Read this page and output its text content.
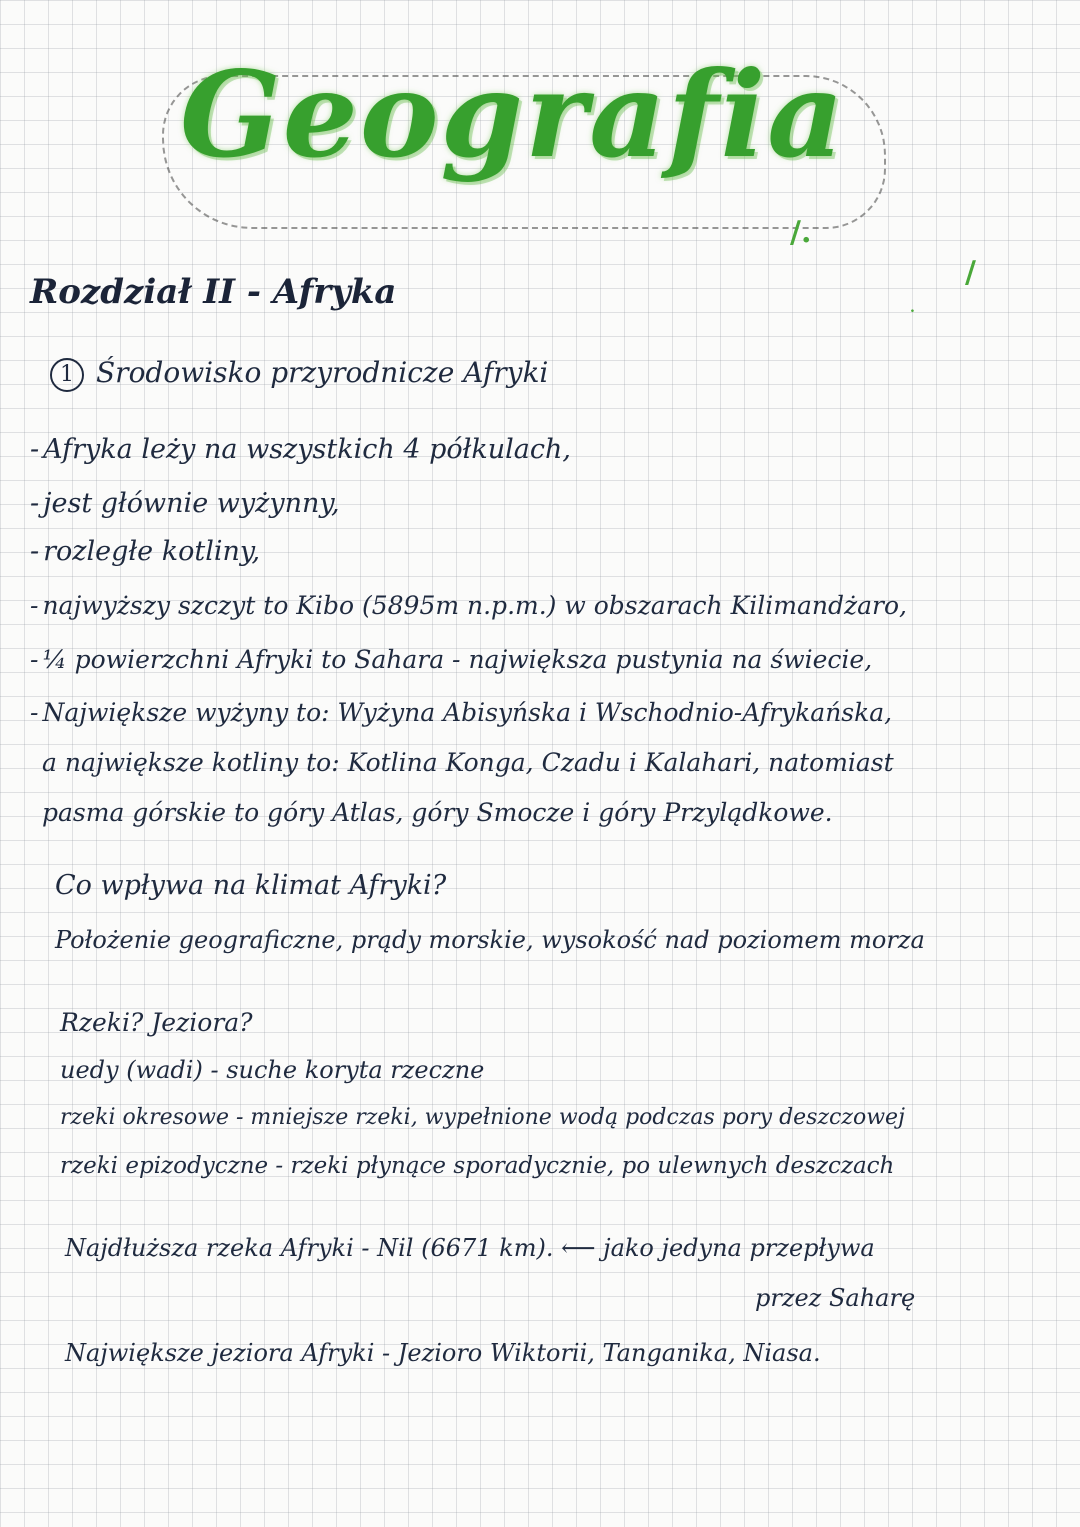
Geografia
/.
/
.
Rozdział II - Afryka
1 Środowisko przyrodnicze Afryki
- Afryka leży na wszystkich 4 półkulach,
- jest głównie wyżynny,
- rozległe kotliny,
- najwyższy szczyt to Kibo (5895m n.p.m.) w obszarach Kilimandżaro,
- ¼ powierzchni Afryki to Sahara - największa pustynia na świecie,
- Największe wyżyny to: Wyżyna Abisyńska i Wschodnio-Afrykańska,
a największe kotliny to: Kotlina Konga, Czadu i Kalahari, natomiast
pasma górskie to góry Atlas, góry Smocze i góry Przylądkowe.
Co wpływa na klimat Afryki?
Położenie geograficzne, prądy morskie, wysokość nad poziomem morza
Rzeki? Jeziora?
uedy (wadi) - suche koryta rzeczne
rzeki okresowe - mniejsze rzeki, wypełnione wodą podczas pory deszczowej
rzeki epizodyczne - rzeki płynące sporadycznie, po ulewnych deszczach
Najdłuższa rzeka Afryki - Nil (6671 km). ⟵ jako jedyna przepływa
przez Saharę
Największe jeziora Afryki - Jezioro Wiktorii, Tanganika, Niasa.
